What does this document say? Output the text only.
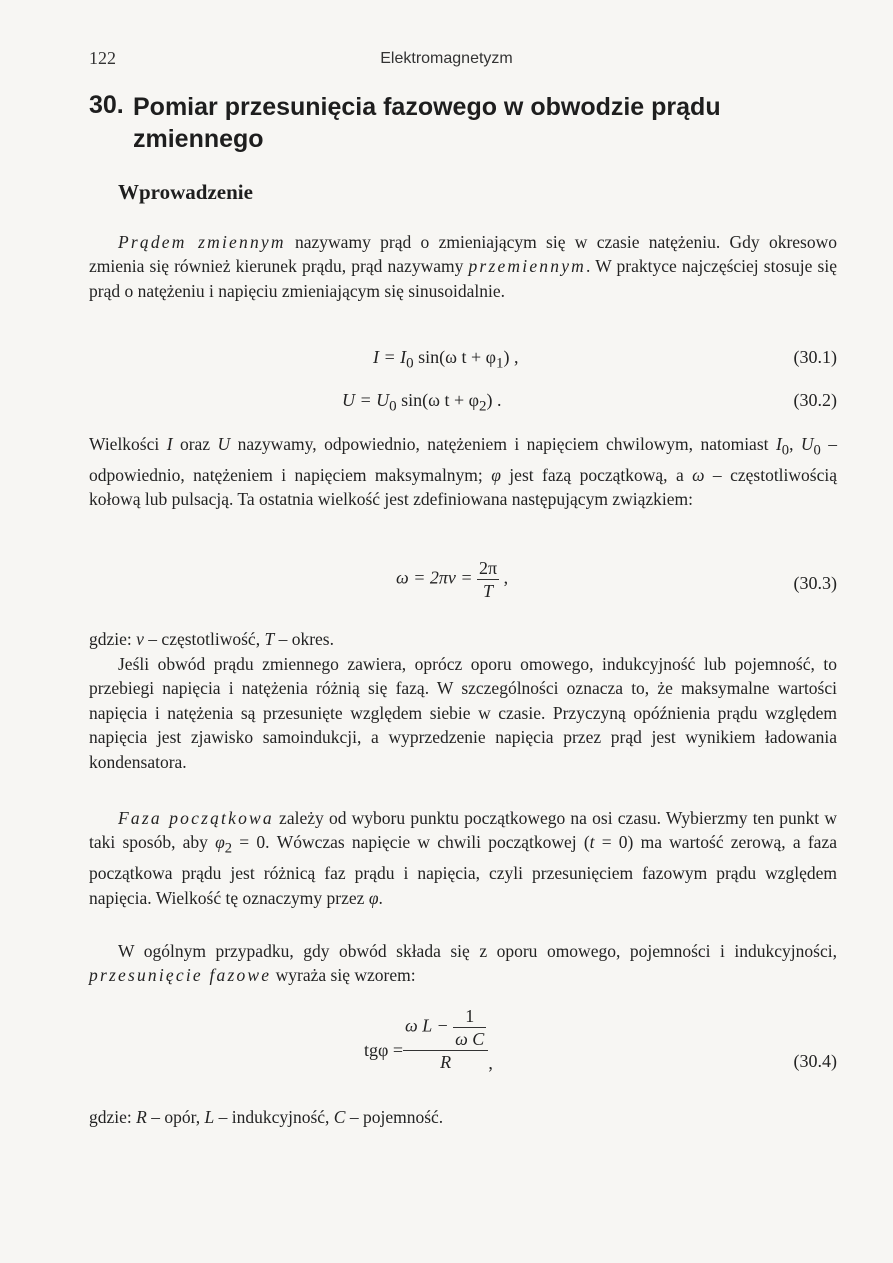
122	Elektromagnetyzm
30. Pomiar przesunięcia fazowego w obwodzie prądu zmiennego
Wprowadzenie
Prądem zmiennym nazywamy prąd o zmieniającym się w czasie natężeniu. Gdy okresowo zmienia się również kierunek prądu, prąd nazywamy przemiennym. W praktyce najczęściej stosuje się prąd o natężeniu i napięciu zmieniającym się sinusoidalnie.
$I = I_0$ sin(ω $t + \varphi_1$) ,	(30.1)
$U = U_0$ sin(ω $t + \varphi_2$) .	(30.2)
Wielkości I oraz U nazywamy, odpowiednio, natężeniem i napięciem chwilowym, natomiast $I_0$, $U_0$ – odpowiednio, natężeniem i napięciem maksymalnym; φ jest fazą początkową, a ω – częstotliwością kołową lub pulsacją. Ta ostatnia wielkość jest zdefiniowana następującym związkiem:
$\omega = 2\pi\nu = \frac{2\pi}{T}$ ,	(30.3)
gdzie: ν – częstotliwość, T – okres.
Jeśli obwód prądu zmiennego zawiera, oprócz oporu omowego, indukcyjność lub pojemność, to przebiegi napięcia i natężenia różnią się fazą. W szczególności oznacza to, że maksymalne wartości napięcia i natężenia są przesunięte względem siebie w czasie. Przyczyną opóźnienia prądu względem napięcia jest zjawisko samoindukcji, a wyprzedzenie napięcia przez prąd jest wynikiem ładowania kondensatora.
Faza początkowa zależy od wyboru punktu początkowego na osi czasu. Wybierzmy ten punkt w taki sposób, aby $\varphi_2 = 0$. Wówczas napięcie w chwili początkowej (t = 0) ma wartość zerową, a faza początkowa prądu jest różnicą faz prądu i napięcia, czyli przesunięciem fazowym prądu względem napięcia. Wielkość tę oznaczymy przez φ.
W ogólnym przypadku, gdy obwód składa się z oporu omowego, pojemności i indukcyjności, przesunięcie fazowe wyraża się wzorem:
$tg\varphi = \frac{\omega L - \frac{1}{\text{ω C}}}{R}$ ,	(30.4)
gdzie: R – opór, L – indukcyjność, C – pojemność.
